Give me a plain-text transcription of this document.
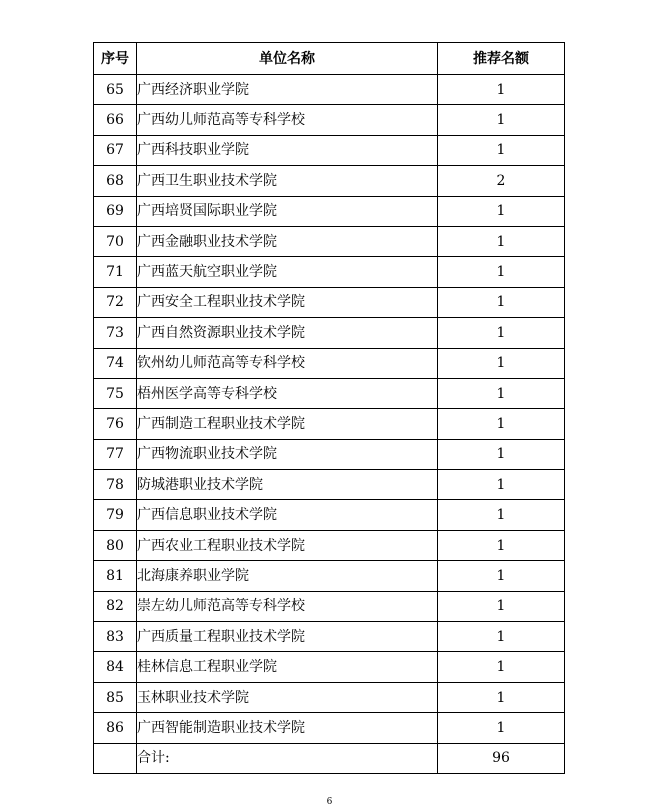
序号	单位名称	推荐名额
65	广西经济职业学院	1
66	广西幼儿师范高等专科学校	1
67	广西科技职业学院	1
68	广西卫生职业技术学院	2
69	广西培贤国际职业学院	1
70	广西金融职业技术学院	1
71	广西蓝天航空职业学院	1
72	广西安全工程职业技术学院	1
73	广西自然资源职业技术学院	1
74	钦州幼儿师范高等专科学校	1
75	梧州医学高等专科学校	1
76	广西制造工程职业技术学院	1
77	广西物流职业技术学院	1
78	防城港职业技术学院	1
79	广西信息职业技术学院	1
80	广西农业工程职业技术学院	1
81	北海康养职业学院	1
82	崇左幼儿师范高等专科学校	1
83	广西质量工程职业技术学院	1
84	桂林信息工程职业学院	1
85	玉林职业技术学院	1
86	广西智能制造职业技术学院	1
	合计:	96
6
